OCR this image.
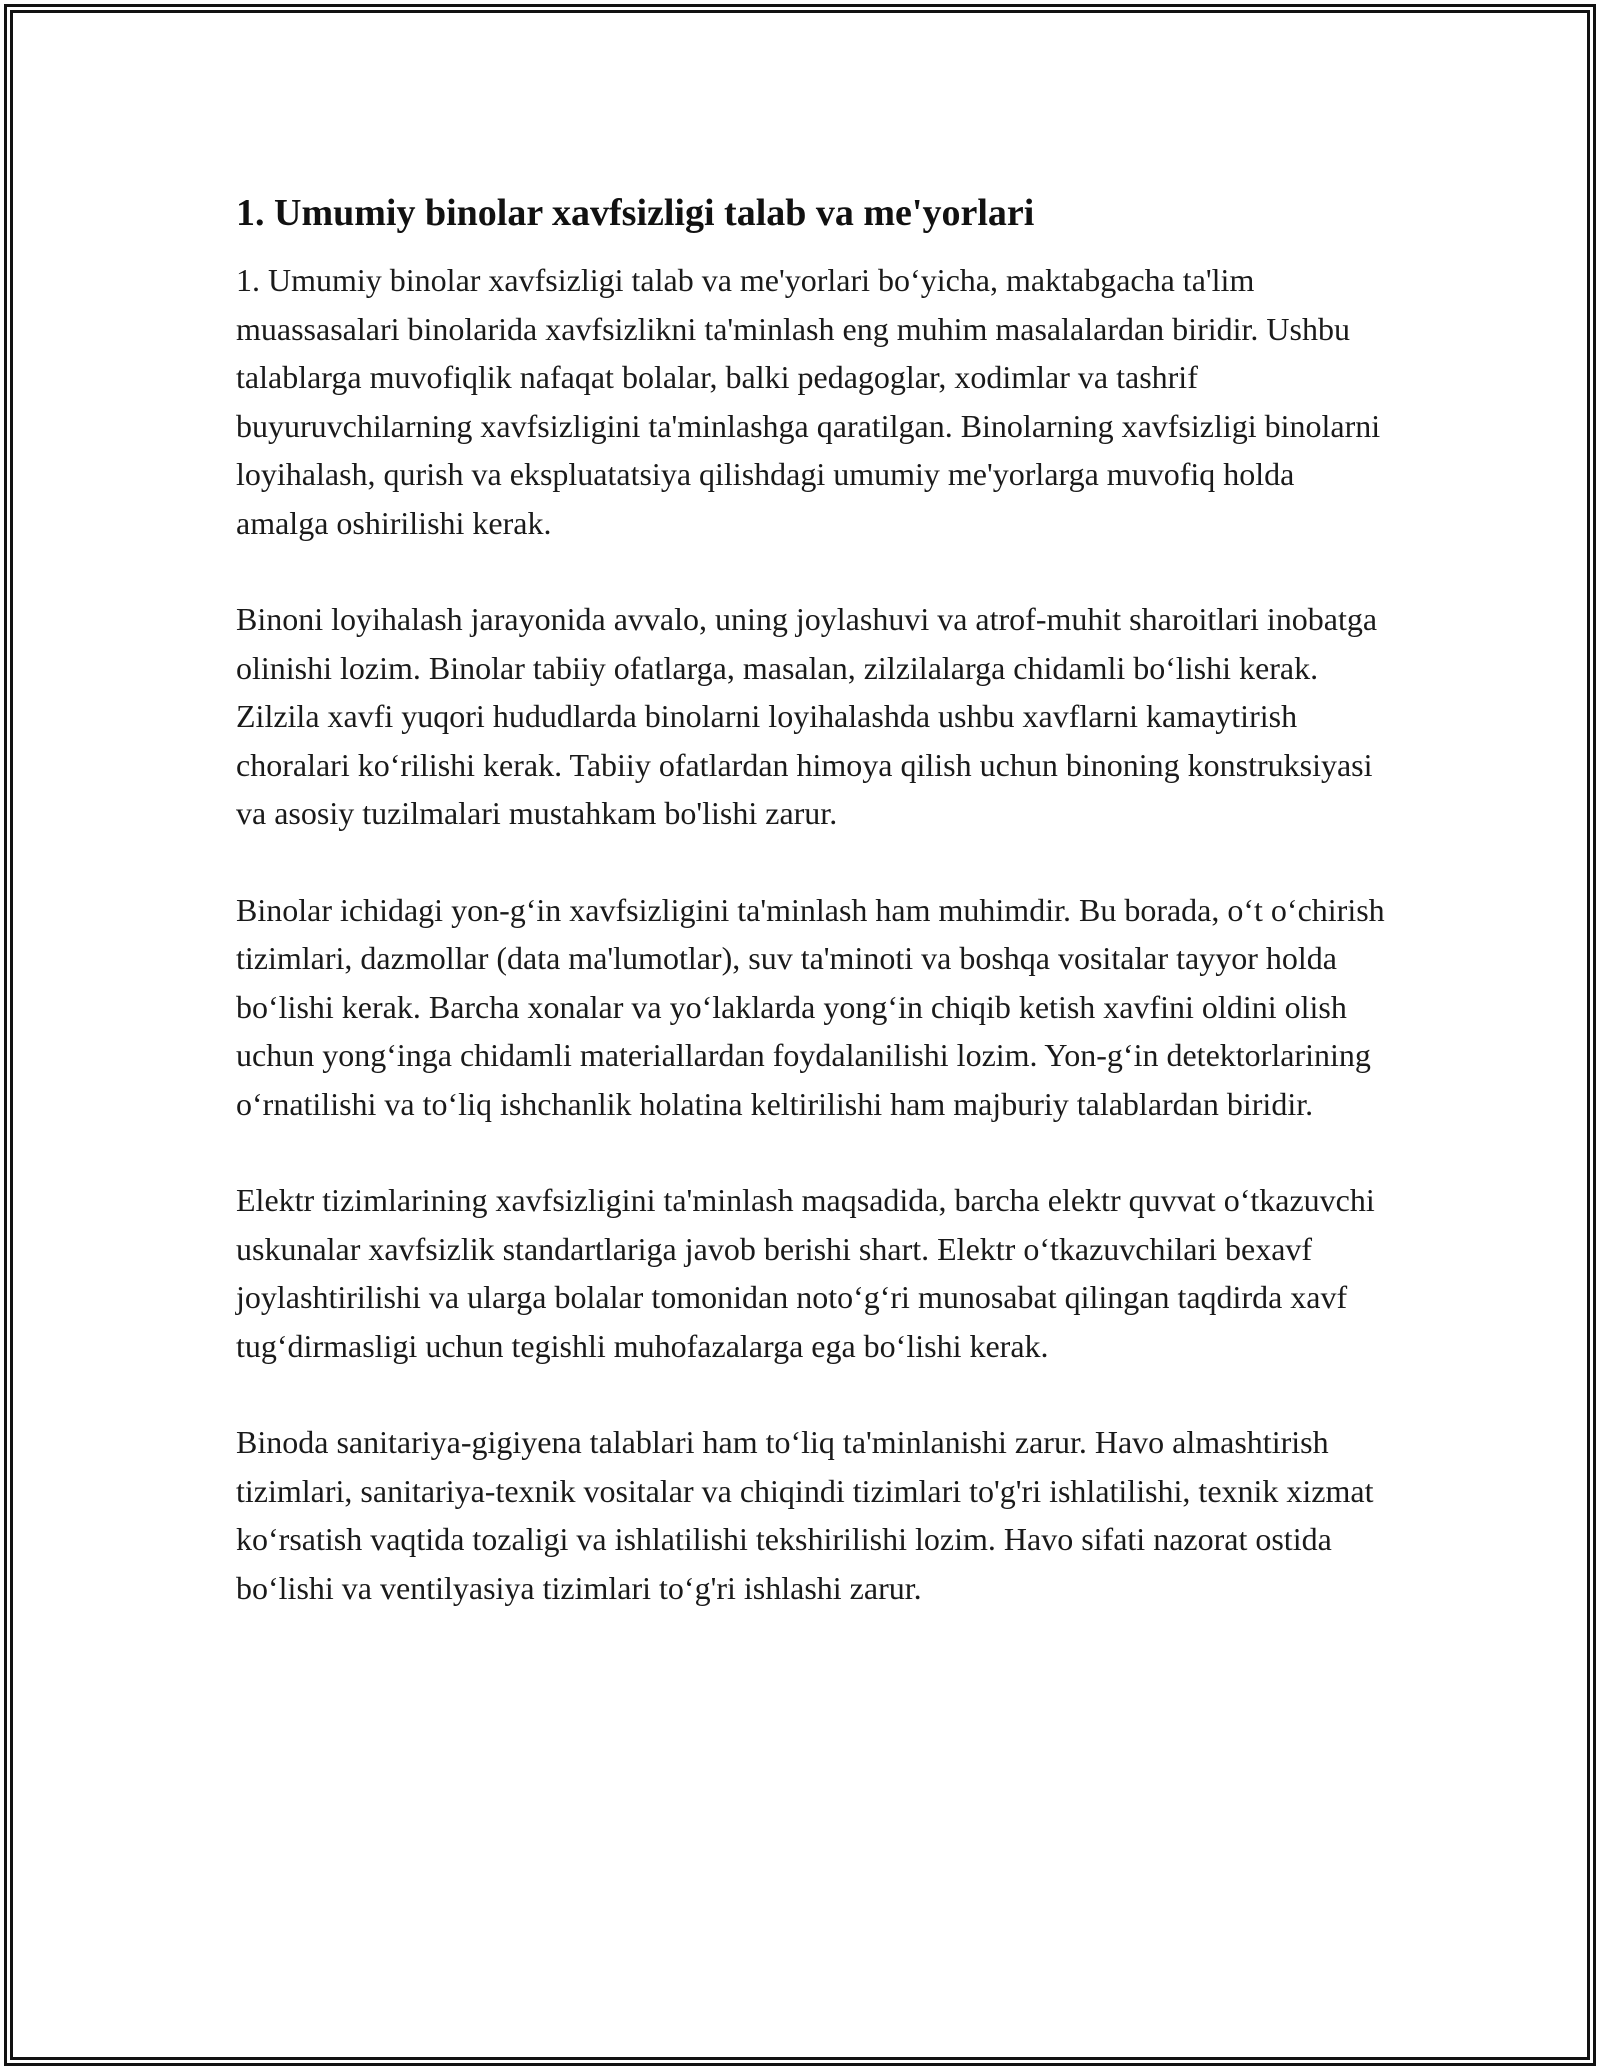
1. Umumiy binolar xavfsizligi talab va me'yorlari

1. Umumiy binolar xavfsizligi talab va me'yorlari bo‘yicha, maktabgacha ta'lim muassasalari binolarida xavfsizlikni ta'minlash eng muhim masalalardan biridir. Ushbu talablarga muvofiqlik nafaqat bolalar, balki pedagoglar, xodimlar va tashrif buyuruvchilarning xavfsizligini ta'minlashga qaratilgan. Binolarning xavfsizligi binolarni loyihalash, qurish va ekspluatatsiya qilishdagi umumiy me'yorlarga muvofiq holda amalga oshirilishi kerak.

Binoni loyihalash jarayonida avvalo, uning joylashuvi va atrof-muhit sharoitlari inobatga olinishi lozim. Binolar tabiiy ofatlarga, masalan, zilzilalarga chidamli bo‘lishi kerak. Zilzila xavfi yuqori hududlarda binolarni loyihalashda ushbu xavflarni kamaytirish choralari ko‘rilishi kerak. Tabiiy ofatlardan himoya qilish uchun binoning konstruksiyasi va asosiy tuzilmalari mustahkam bo'lishi zarur.

Binolar ichidagi yon-g‘in xavfsizligini ta'minlash ham muhimdir. Bu borada, o‘t o‘chirish tizimlari, dazmollar (data ma'lumotlar), suv ta'minoti va boshqa vositalar tayyor holda bo‘lishi kerak. Barcha xonalar va yo‘laklarda yong‘in chiqib ketish xavfini oldini olish uchun yong‘inga chidamli materiallardan foydalanilishi lozim. Yon-g‘in detektorlarining o‘rnatilishi va to‘liq ishchanlik holatina keltirilishi ham majburiy talablardan biridir.

Elektr tizimlarining xavfsizligini ta'minlash maqsadida, barcha elektr quvvat o‘tkazuvchi uskunalar xavfsizlik standartlariga javob berishi shart. Elektr o‘tkazuvchilari bexavf joylashtirilishi va ularga bolalar tomonidan noto‘g‘ri munosabat qilingan taqdirda xavf tug‘dirmasligi uchun tegishli muhofazalarga ega bo‘lishi kerak.

Binoda sanitariya-gigiyena talablari ham to‘liq ta'minlanishi zarur. Havo almashtirish tizimlari, sanitariya-texnik vositalar va chiqindi tizimlari to'g'ri ishlatilishi, texnik xizmat ko‘rsatish vaqtida tozaligi va ishlatilishi tekshirilishi lozim. Havo sifati nazorat ostida bo‘lishi va ventilyasiya tizimlari to‘g'ri ishlashi zarur.
